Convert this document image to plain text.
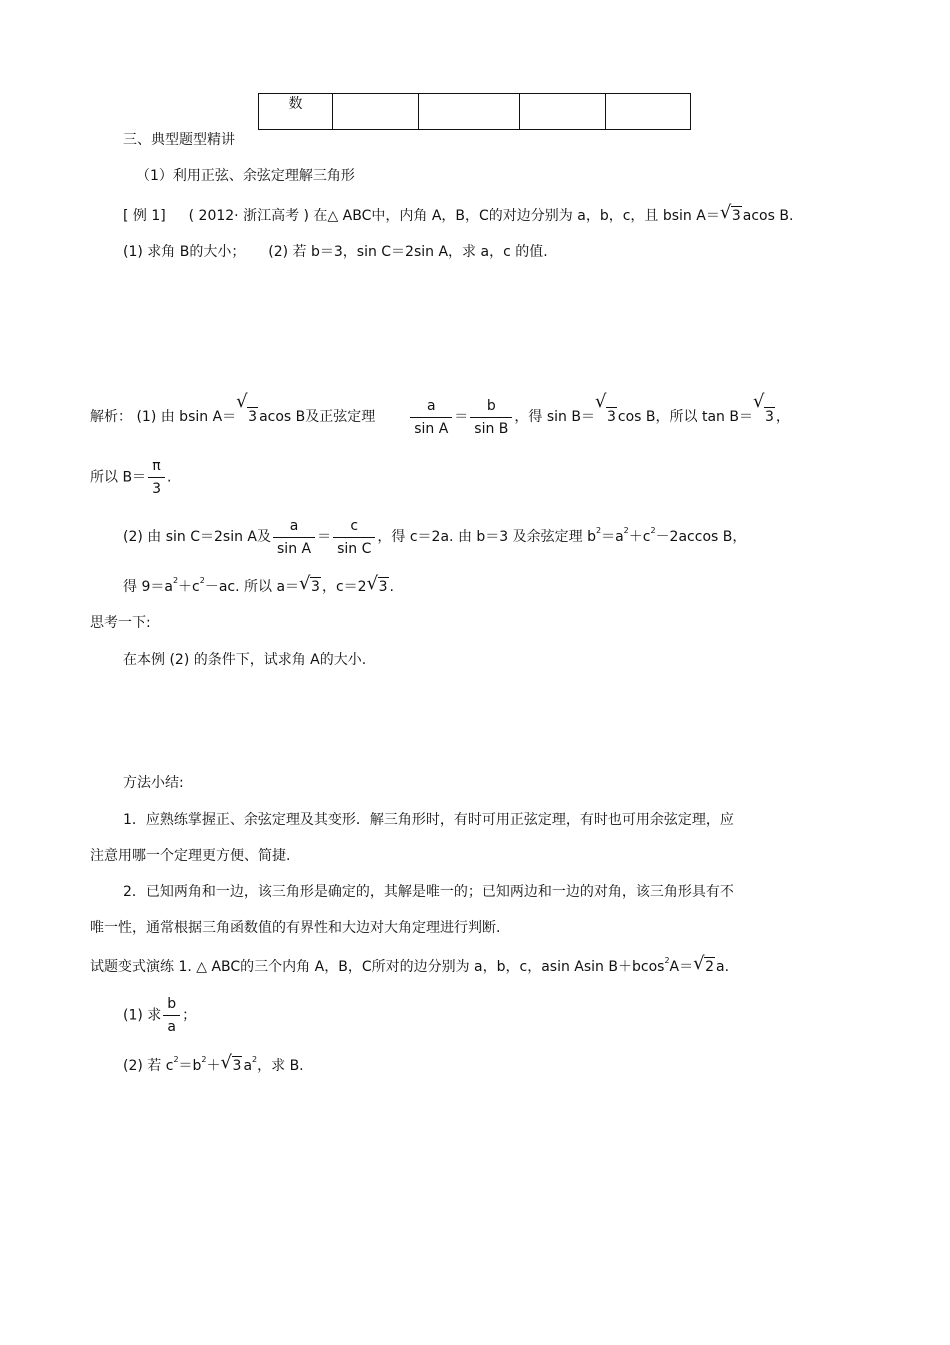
数				
三、典型题型精讲
（1）利用正弦、余弦定理解三角形
[ 例 1] ( 2012· 浙江高考 ) 在△ ABC中，内角 A，B，C的对边分别为 a，b，c，且 bsin A＝ √ 3 acos B.
(1) 求角 B的大小； (2) 若 b＝3，sin C＝2sin A，求 a，c 的值.
解析： (1) 由 bsin A＝
√
3 acos B及正弦定理 $\frac{a}{\text{sin A}} = \frac{b}{\text{sin B}}$ ，得 sin B＝
√
3 cos B，所以 tan B＝
√
3 ，
所以 $B= \frac{\pi}{3}$ .
(2) 由 sin C＝2sin A及 $\frac{a}{\text{sin A}} = \frac{c}{\text{sin C}}$ ，得 c＝2a. 由 b＝3 及余弦定理 $b^2=a^2+c^2-2accos$ B，
得 $9=a^2+c^2-ac$. 所以 a＝ √ 3 ，c＝2 √ 3 .
思考一下:
在本例 (2) 的条件下，试求角 A的大小.
方法小结:
1．应熟练掌握正、余弦定理及其变形．解三角形时，有时可用正弦定理，有时也可用余弦定理，应
注意用哪一个定理更方便、简捷.
2．已知两角和一边，该三角形是确定的，其解是唯一的；已知两边和一边的对角，该三角形具有不
唯一性，通常根据三角函数值的有界性和大边对大角定理进行判断.
试题变式演练 1. △ ABC的三个内角 A，B，C所对的边分别为 a，b，c，asin Asin B＋bcos$^2$A＝ √ 2 a.
(1) 求 $\frac{b}{a}$ ；
(2) 若 $c^2=b^2+$ √ 3 $a^2$，求 B.
